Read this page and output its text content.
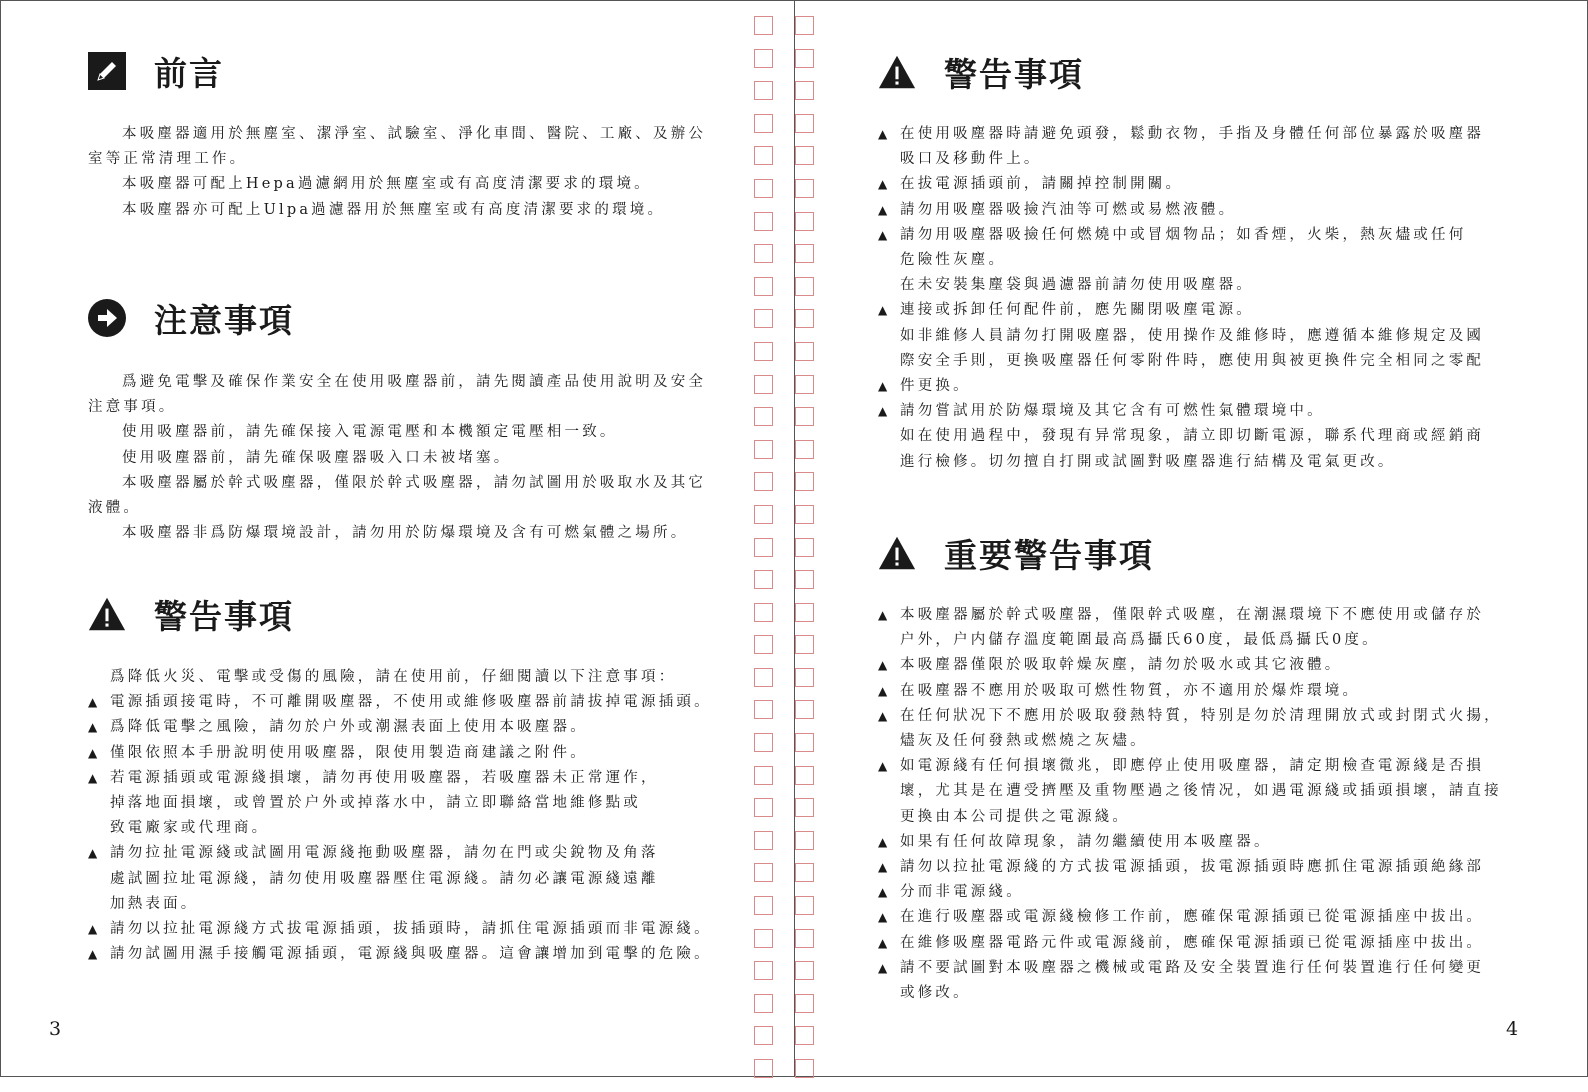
前言
本吸塵器適用於無塵室、潔淨室、試驗室、淨化車間、醫院、工廠、及辦公
室等正常清理工作。
本吸塵器可配上Hepa過濾網用於無塵室或有高度清潔要求的環境。
本吸塵器亦可配上Ulpa過濾器用於無塵室或有高度清潔要求的環境。
注意事項
爲避免電擊及確保作業安全在使用吸塵器前，請先閱讀產品使用說明及安全
注意事項。
使用吸塵器前，請先確保接入電源電壓和本機額定電壓相一致。
使用吸塵器前，請先確保吸塵器吸入口未被堵塞。
本吸塵器屬於幹式吸塵器，僅限於幹式吸塵器，請勿試圖用於吸取水及其它
液體。
本吸塵器非爲防爆環境設計，請勿用於防爆環境及含有可燃氣體之場所。
警告事項
爲降低火災、電擊或受傷的風險，請在使用前，仔細閱讀以下注意事項：
▲ 電源插頭接電時，不可離開吸塵器，不使用或維修吸塵器前請拔掉電源插頭。
▲ 爲降低電擊之風險，請勿於户外或潮濕表面上使用本吸塵器。
▲ 僅限依照本手册說明使用吸塵器，限使用製造商建議之附件。
▲ 若電源插頭或電源綫損壞，請勿再使用吸塵器，若吸塵器未正常運作，
掉落地面損壞，或曾置於户外或掉落水中，請立即聯絡當地維修點或
致電廠家或代理商。
▲ 請勿拉扯電源綫或試圖用電源綫拖動吸塵器，請勿在門或尖銳物及角落
處試圖拉址電源綫，請勿使用吸塵器壓住電源綫。請勿必讓電源綫遠離
加熱表面。
▲ 請勿以拉扯電源綫方式拔電源插頭，拔插頭時，請抓住電源插頭而非電源綫。
▲ 請勿試圖用濕手接觸電源插頭，電源綫與吸塵器。這會讓增加到電擊的危險。
3
警告事項
▲ 在使用吸塵器時請避免頭發，鬆動衣物，手指及身體任何部位暴露於吸塵器
吸口及移動件上。
▲ 在拔電源插頭前，請關掉控制開關。
▲ 請勿用吸塵器吸撿汽油等可燃或易燃液體。
▲ 請勿用吸塵器吸撿任何燃燒中或冒烟物品；如香煙，火柴，熱灰燼或任何
危險性灰塵。
在未安裝集塵袋與過濾器前請勿使用吸塵器。
▲ 連接或拆卸任何配件前，應先關閉吸塵電源。
如非維修人員請勿打開吸塵器，使用操作及維修時，應遵循本維修規定及國
際安全手則，更換吸塵器任何零附件時，應使用與被更換件完全相同之零配
▲ 件更换。
▲ 請勿嘗試用於防爆環境及其它含有可燃性氣體環境中。
如在使用過程中，發現有异常現象，請立即切斷電源，聯系代理商或經銷商
進行檢修。切勿擅自打開或試圖對吸塵器進行結構及電氣更改。
重要警告事項
▲ 本吸塵器屬於幹式吸塵器，僅限幹式吸塵，在潮濕環境下不應使用或儲存於
户外，户内儲存溫度範圍最高爲攝氏60度，最低爲攝氏0度。
▲ 本吸塵器僅限於吸取幹燥灰塵，請勿於吸水或其它液體。
▲ 在吸塵器不應用於吸取可燃性物質，亦不適用於爆炸環境。
▲ 在任何狀况下不應用於吸取發熱特質，特别是勿於清理開放式或封閉式火揚，
燼灰及任何發熱或燃燒之灰燼。
▲ 如電源綫有任何損壞微兆，即應停止使用吸塵器，請定期檢查電源綫是否損
壞，尤其是在遭受擠壓及重物壓過之後情况，如遇電源綫或插頭損壞，請直接
更換由本公司提供之電源綫。
▲ 如果有任何故障現象，請勿繼續使用本吸塵器。
▲ 請勿以拉扯電源綫的方式拔電源插頭，拔電源插頭時應抓住電源插頭絶緣部
▲ 分而非電源綫。
▲ 在進行吸塵器或電源綫檢修工作前，應確保電源插頭已從電源插座中拔出。
▲ 在維修吸塵器電路元件或電源綫前，應確保電源插頭已從電源插座中拔出。
▲ 請不要試圖對本吸塵器之機械或電路及安全裝置進行任何裝置進行任何變更
或修改。
4
